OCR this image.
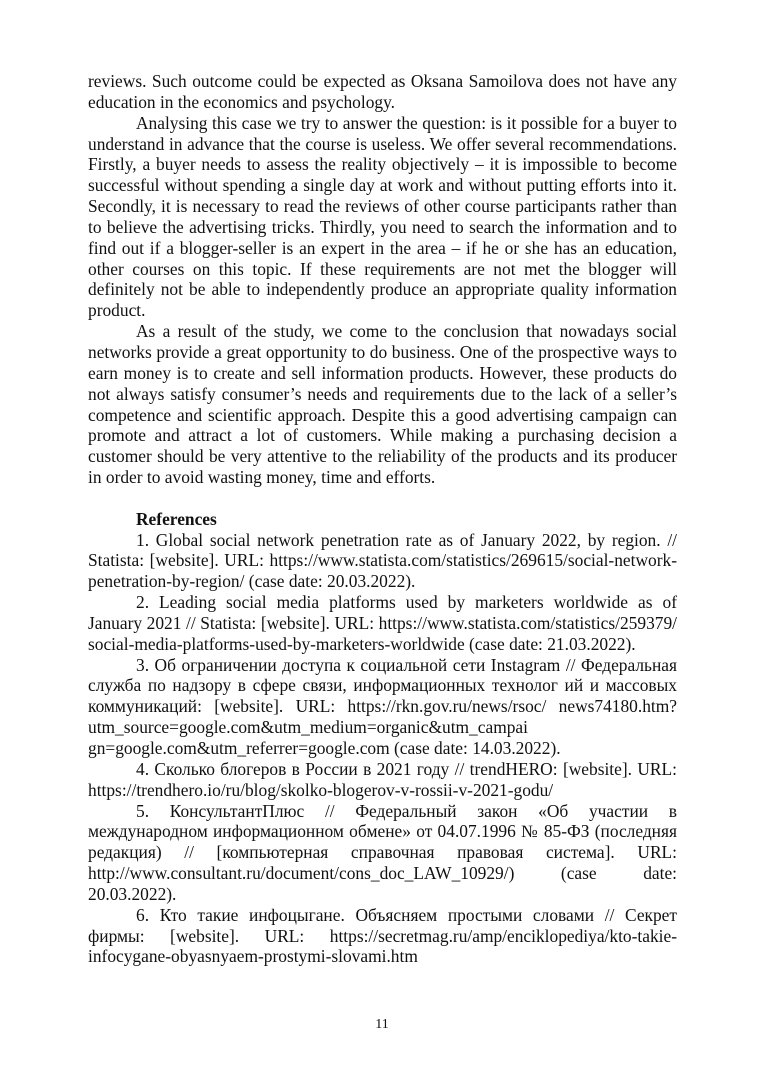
reviews. Such outcome could be expected as Oksana Samoilova does not have any education in the economics and psychology.

Analysing this case we try to answer the question: is it possible for a buyer to understand in advance that the course is useless. We offer several recommendations. Firstly, a buyer needs to assess the reality objectively – it is impossible to become successful without spending a single day at work and without putting efforts into it. Secondly, it is necessary to read the reviews of other course participants rather than to believe the advertising tricks. Thirdly, you need to search the information and to find out if a blogger-seller is an expert in the area – if he or she has an education, other courses on this topic. If these requirements are not met the blogger will definitely not be able to independently produce an appropriate quality information product.

As a result of the study, we come to the conclusion that nowadays social networks provide a great opportunity to do business. One of the prospective ways to earn money is to create and sell information products. However, these products do not always satisfy consumer’s needs and requirements due to the lack of a seller’s competence and scientific approach. Despite this a good advertising campaign can promote and attract a lot of customers. While making a purchasing decision a customer should be very attentive to the reliability of the products and its producer in order to avoid wasting money, time and efforts.

References

1. Global social network penetration rate as of January 2022, by region. // Statista: [website]. URL: https://www.statista.com/statistics/269615/social-network-penetration-by-region/ (case date: 20.03.2022).

2. Leading social media platforms used by marketers worldwide as of January 2021 // Statista: [website]. URL: https://www.statista.com/statistics/259379/ social-media-platforms-used-by-marketers-worldwide (case date: 21.03.2022).

3. Об ограничении доступа к социальной сети Instagram // Федеральная служба по надзору в сфере связи, информационных технолог ий и массовых коммуникаций: [website]. URL: https://rkn.gov.ru/news/rsoc/ news74180.htm?utm_source=google.com&utm_medium=organic&utm_campai gn=google.com&utm_referrer=google.com (case date: 14.03.2022).

4. Сколько блогеров в России в 2021 году // trendHERO: [website]. URL: https://trendhero.io/ru/blog/skolko-blogerov-v-rossii-v-2021-godu/

5. КонсультантПлюс // Федеральный закон «Об участии в международном информационном обмене» от 04.07.1996 № 85-ФЗ (последняя редакция) // [компьютерная справочная правовая система]. URL: http://www.consultant.ru/document/cons_doc_LAW_10929/) (case date: 20.03.2022).

6. Кто такие инфоцыгане. Объясняем простыми словами // Секрет фирмы: [website]. URL: https://secretmag.ru/amp/enciklopediya/kto-takie-infocygane-obyasnyaem-prostymi-slovami.htm

11
